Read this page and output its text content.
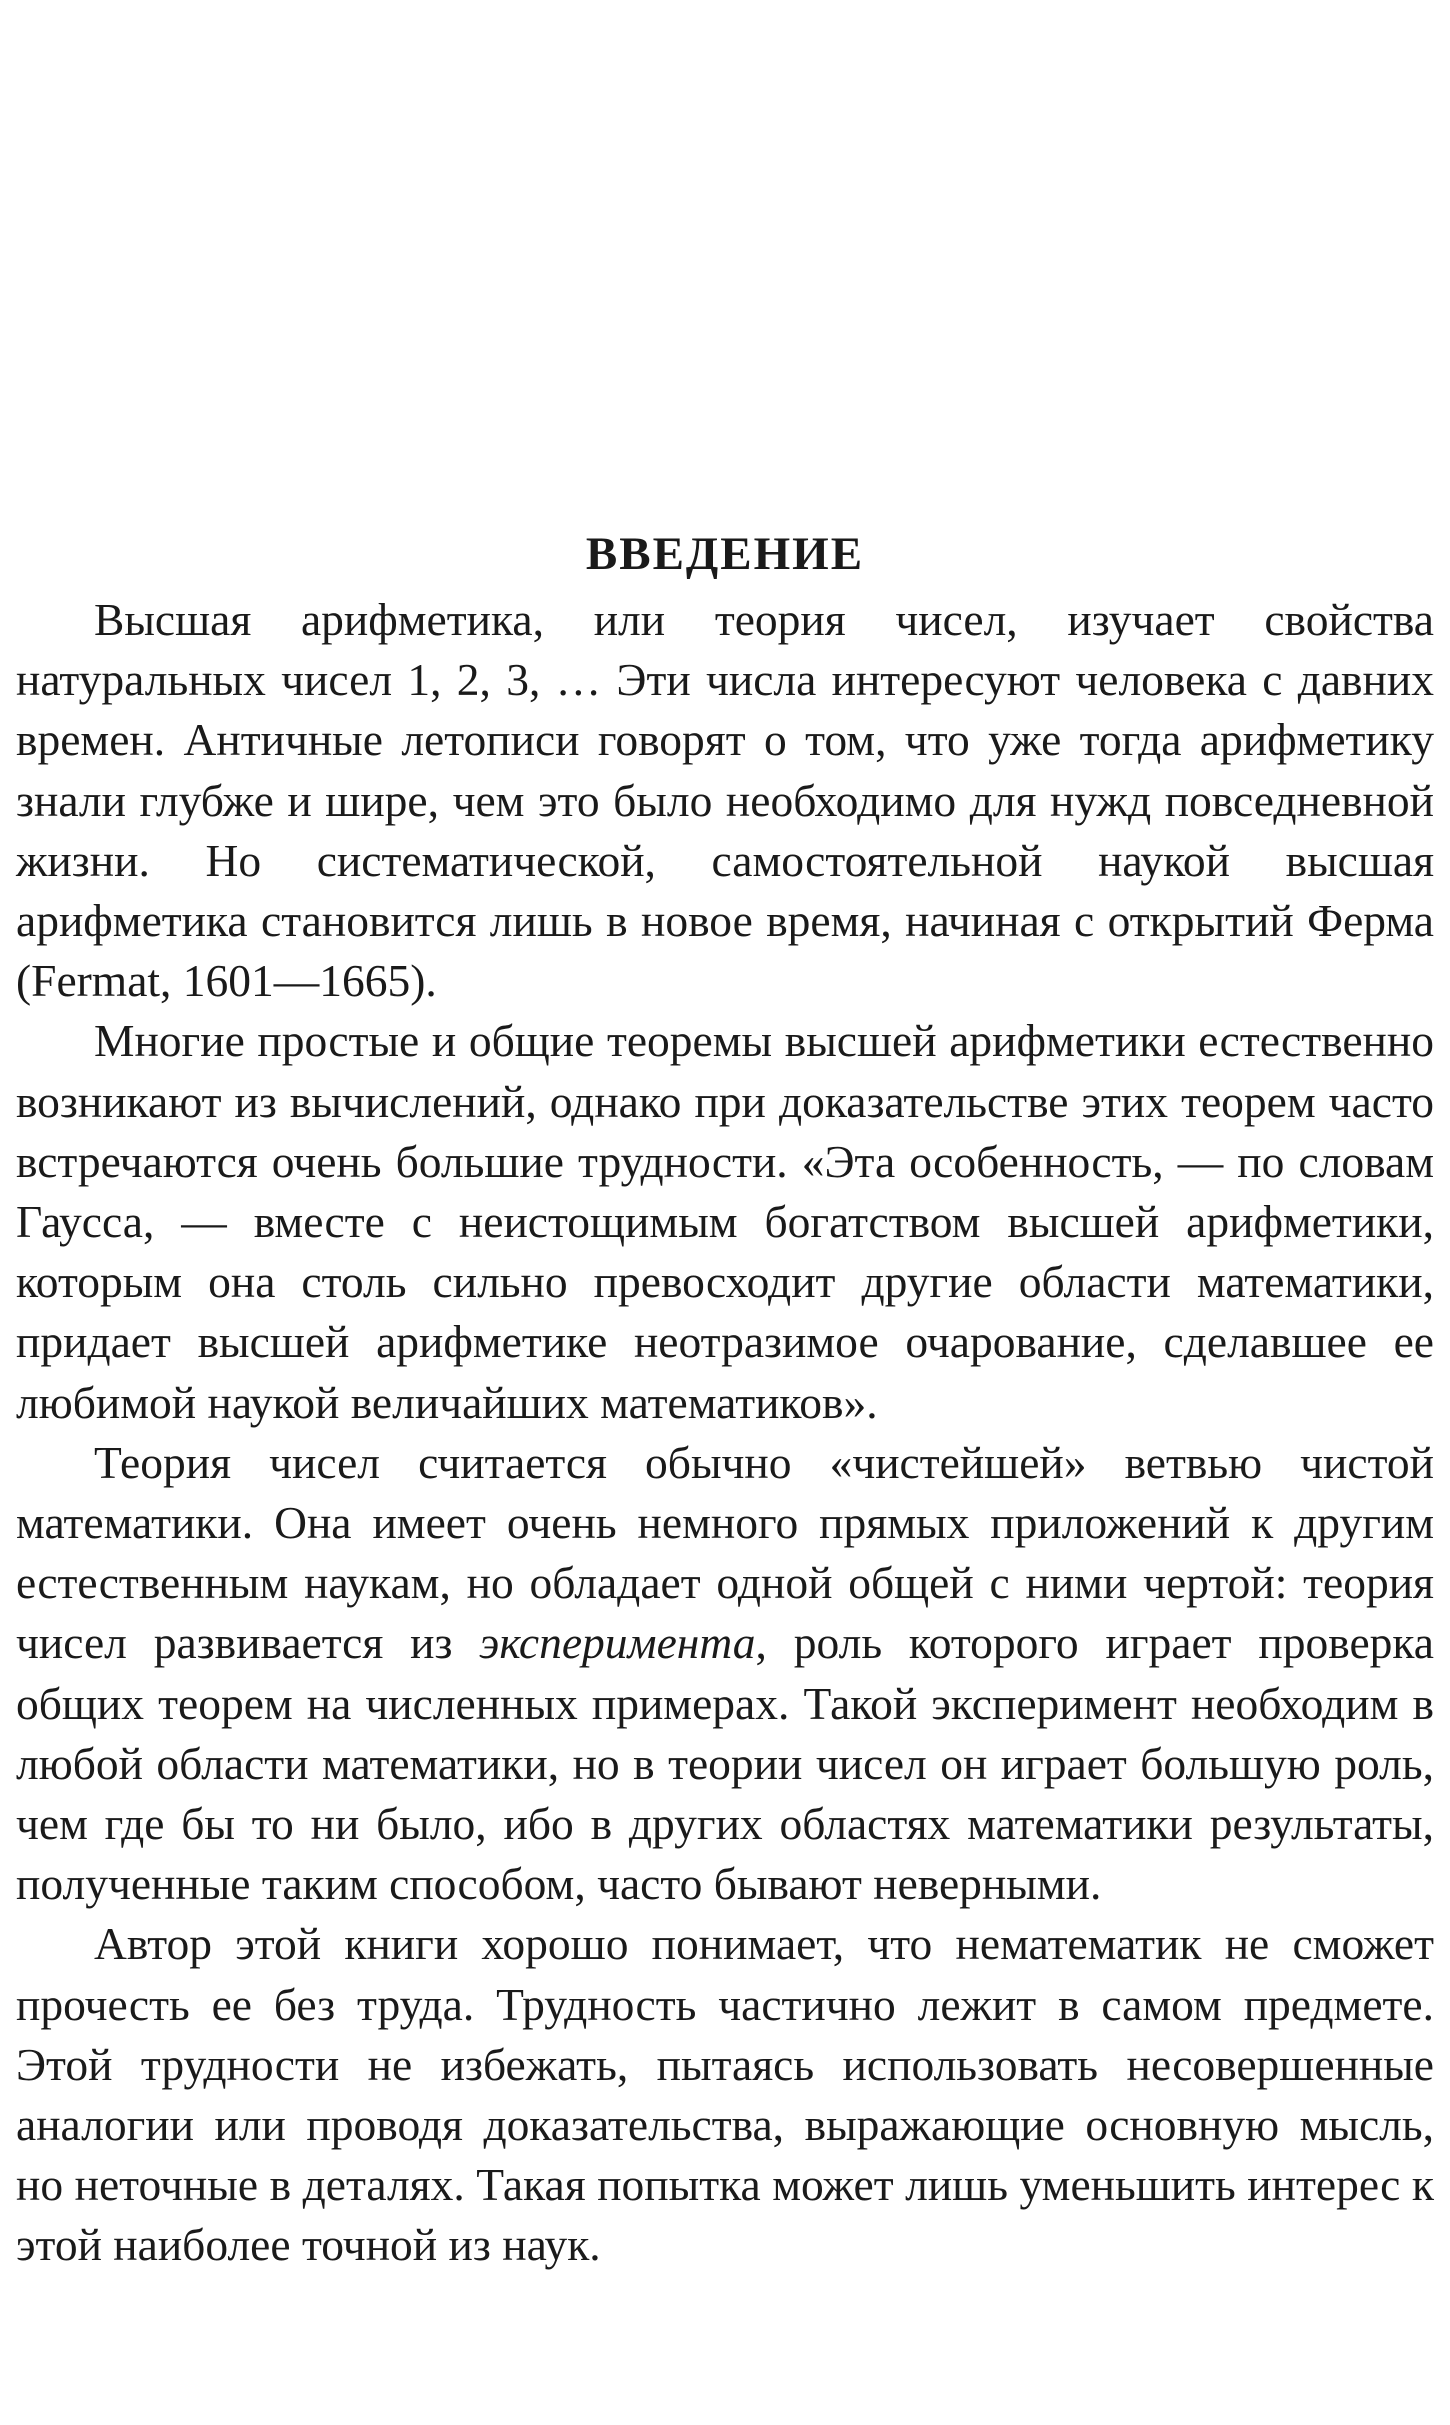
ВВЕДЕНИЕ

Высшая арифметика, или теория чисел, изучает свойства натуральных чисел 1, 2, 3, … Эти числа интересуют человека с давних времен. Античные летописи говорят о том, что уже тогда арифметику знали глубже и шире, чем это было необходимо для нужд повседневной жизни. Но систематической, самостоятельной наукой высшая арифметика становится лишь в новое время, начиная с открытий Ферма (Fermat, 1601—1665).

Многие простые и общие теоремы высшей арифметики естественно возникают из вычислений, однако при доказательстве этих теорем часто встречаются очень большие трудности. «Эта особенность, — по словам Гаусса, — вместе с неистощимым богатством высшей арифметики, которым она столь сильно превосходит другие области математики, придает высшей арифметике неотразимое очарование, сделавшее ее любимой наукой величайших математиков».

Теория чисел считается обычно «чистейшей» ветвью чистой математики. Она имеет очень немного прямых приложений к другим естественным наукам, но обладает одной общей с ними чертой: теория чисел развивается из эксперимента, роль которого играет проверка общих теорем на численных примерах. Такой эксперимент необходим в любой области математики, но в теории чисел он играет большую роль, чем где бы то ни было, ибо в других областях математики результаты, полученные таким способом, часто бывают неверными.

Автор этой книги хорошо понимает, что нематематик не сможет прочесть ее без труда. Трудность частично лежит в самом предмете. Этой трудности не избежать, пытаясь использовать несовершенные аналогии или проводя доказательства, выражающие основную мысль, но неточные в деталях. Такая попытка может лишь уменьшить интерес к этой наиболее точной из наук.
